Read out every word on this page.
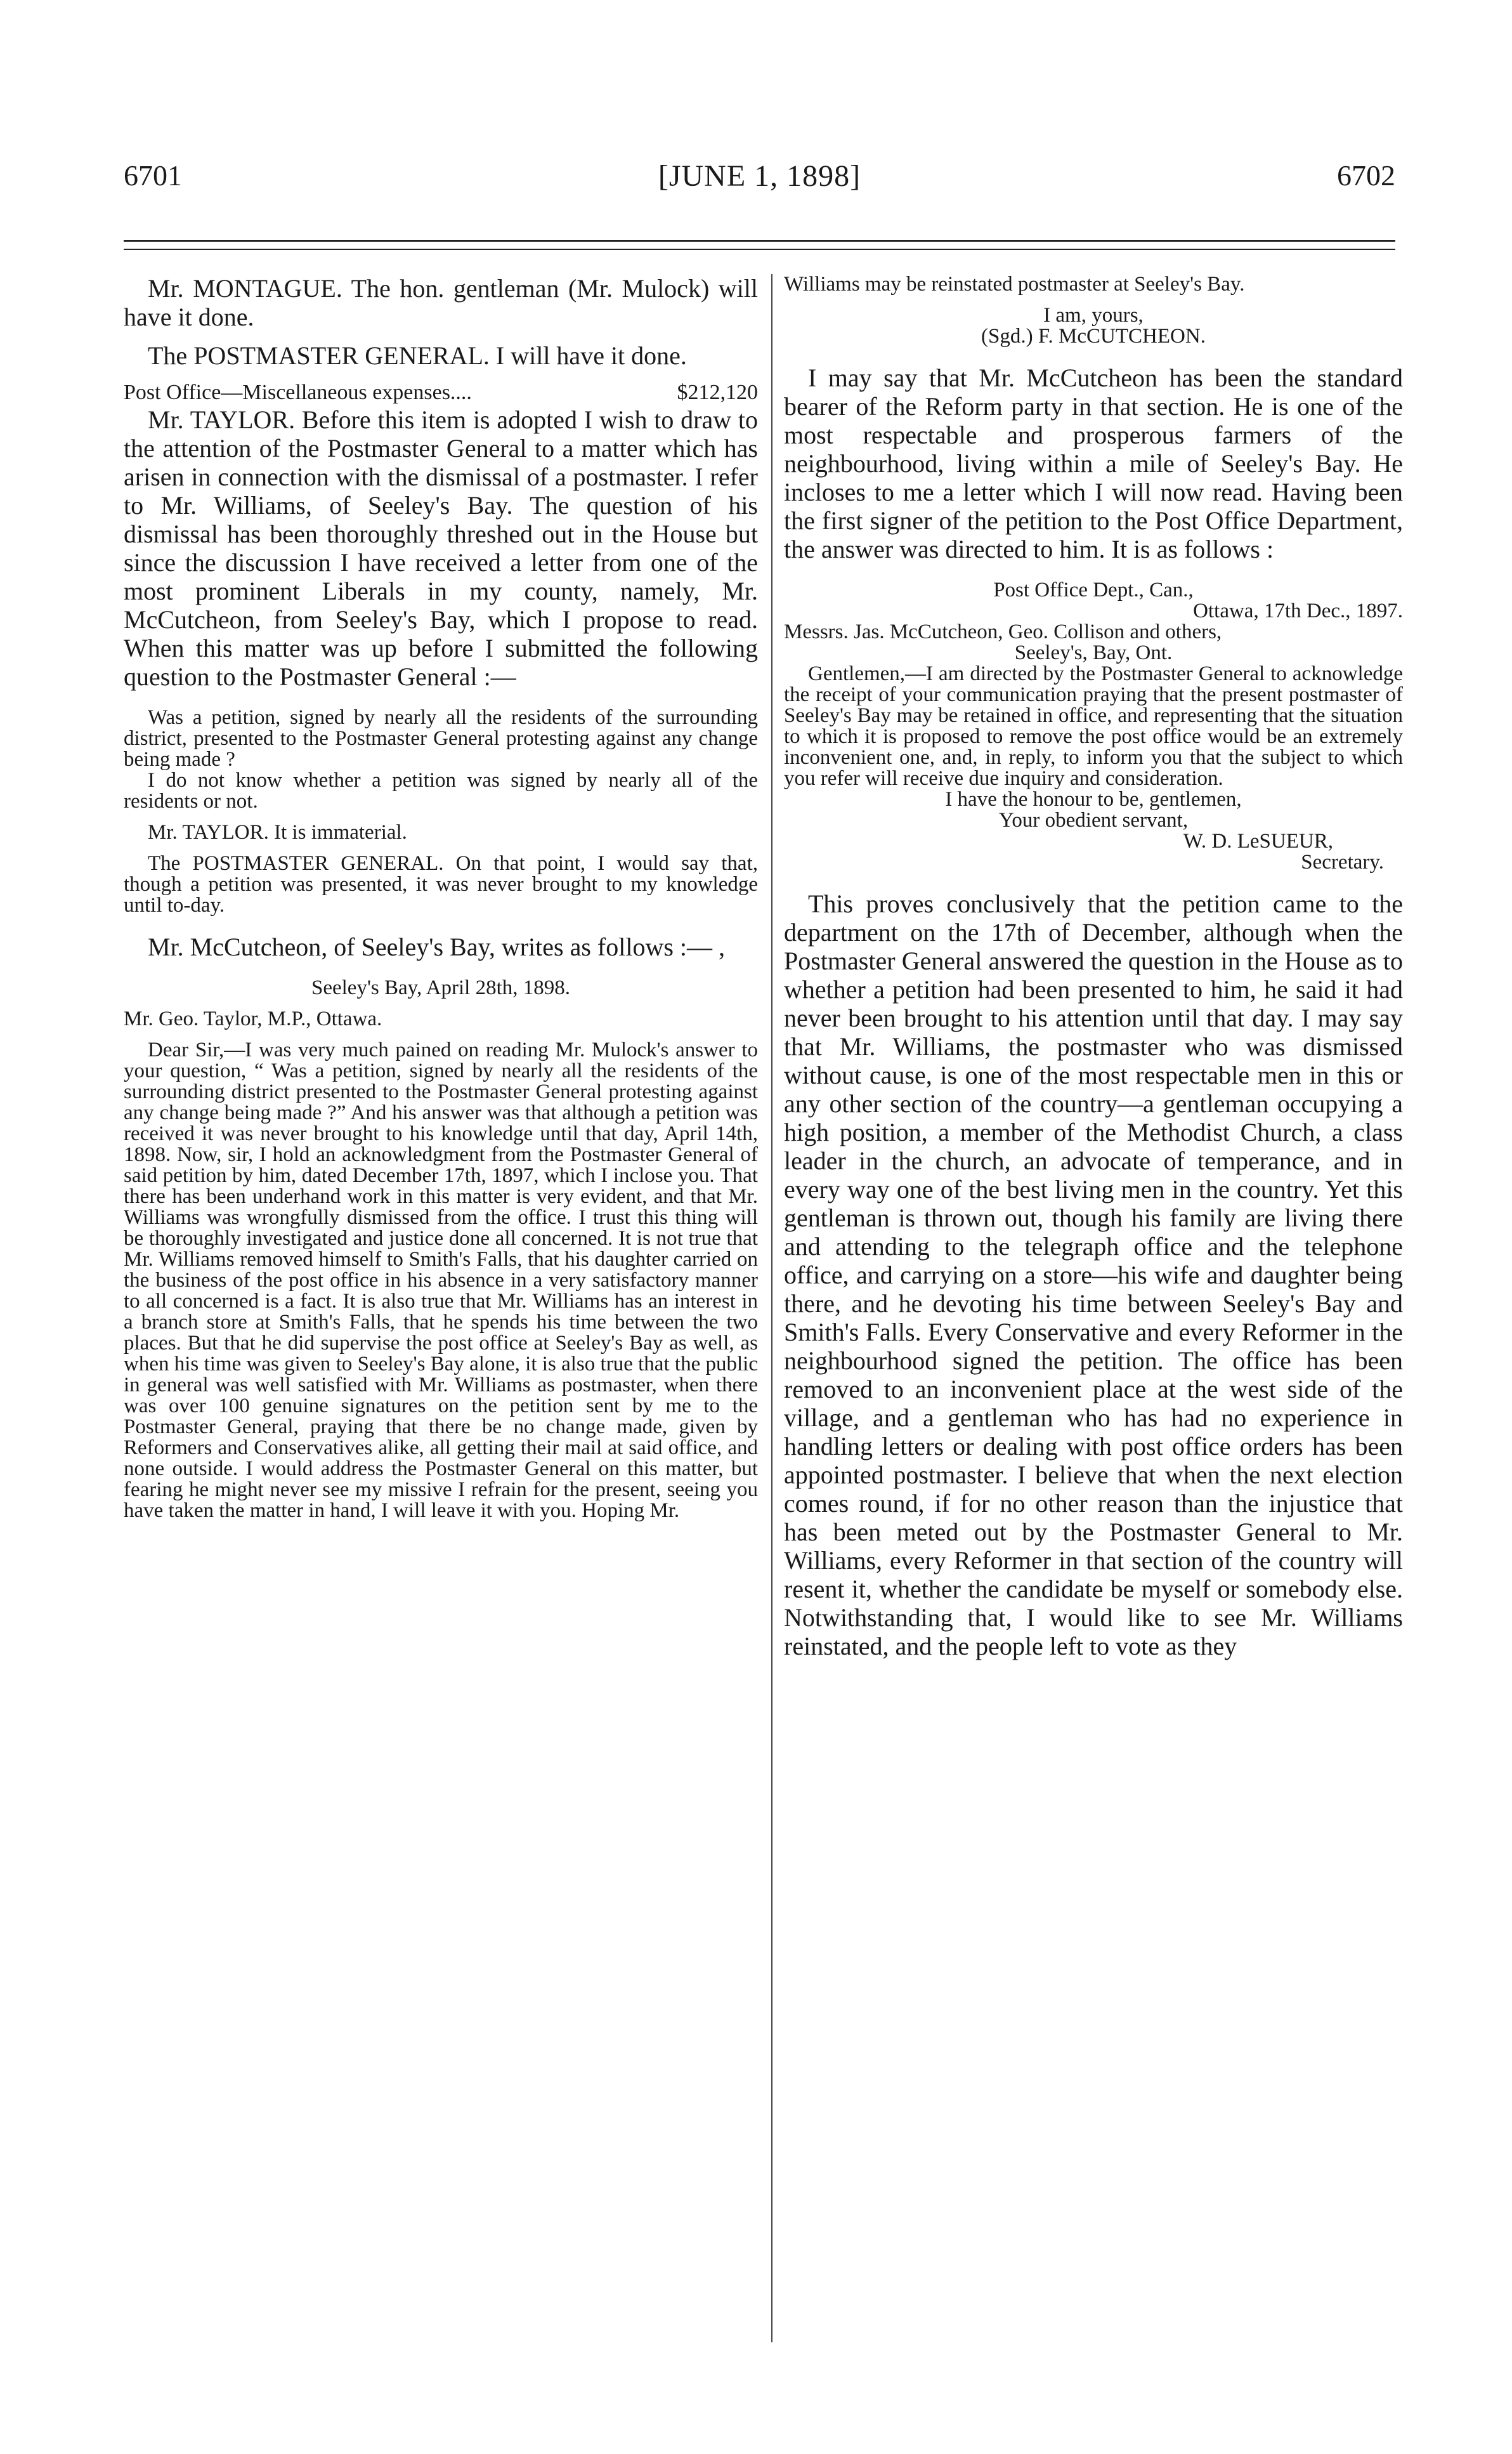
6701	[JUNE 1, 1898]	6702

Mr. MONTAGUE. The hon. gentleman (Mr. Mulock) will have it done.

The POSTMASTER GENERAL. I will have it done.

Post Office—Miscellaneous expenses....	$212,120

Mr. TAYLOR. Before this item is adopted I wish to draw to the attention of the Postmaster General to a matter which has arisen in connection with the dismissal of a postmaster. I refer to Mr. Williams, of Seeley's Bay. The question of his dismissal has been thoroughly threshed out in the House but since the discussion I have received a letter from one of the most prominent Liberals in my county, namely, Mr. McCutcheon, from Seeley's Bay, which I propose to read. When this matter was up before I submitted the following question to the Postmaster General :—

Was a petition, signed by nearly all the residents of the surrounding district, presented to the Postmaster General protesting against any change being made ?

I do not know whether a petition was signed by nearly all of the residents or not.

Mr. TAYLOR. It is immaterial.

The POSTMASTER GENERAL. On that point, I would say that, though a petition was presented, it was never brought to my knowledge until to-day.

Mr. McCutcheon, of Seeley's Bay, writes as follows :— ,

Seeley's Bay, April 28th, 1898.

Mr. Geo. Taylor, M.P., Ottawa.

Dear Sir,—I was very much pained on reading Mr. Mulock's answer to your question, “ Was a petition, signed by nearly all the residents of the surrounding district presented to the Postmaster General protesting against any change being made ?” And his answer was that although a petition was received it was never brought to his knowledge until that day, April 14th, 1898. Now, sir, I hold an acknowledgment from the Postmaster General of said petition by him, dated December 17th, 1897, which I inclose you. That there has been underhand work in this matter is very evident, and that Mr. Williams was wrongfully dismissed from the office. I trust this thing will be thoroughly investigated and justice done all concerned. It is not true that Mr. Williams removed himself to Smith's Falls, that his daughter carried on the business of the post office in his absence in a very satisfactory manner to all concerned is a fact. It is also true that Mr. Williams has an interest in a branch store at Smith's Falls, that he spends his time between the two places. But that he did supervise the post office at Seeley's Bay as well, as when his time was given to Seeley's Bay alone, it is also true that the public in general was well satisfied with Mr. Williams as postmaster, when there was over 100 genuine signatures on the petition sent by me to the Postmaster General, praying that there be no change made, given by Reformers and Conservatives alike, all getting their mail at said office, and none outside. I would address the Postmaster General on this matter, but fearing he might never see my missive I refrain for the present, seeing you have taken the matter in hand, I will leave it with you. Hoping Mr.

Williams may be reinstated postmaster at Seeley's Bay.

I am, yours,

(Sgd.) F. McCUTCHEON.

I may say that Mr. McCutcheon has been the standard bearer of the Reform party in that section. He is one of the most respectable and prosperous farmers of the neighbourhood, living within a mile of Seeley's Bay. He incloses to me a letter which I will now read. Having been the first signer of the petition to the Post Office Department, the answer was directed to him. It is as follows :

Post Office Dept., Can.,

Ottawa, 17th Dec., 1897.

Messrs. Jas. McCutcheon, Geo. Collison and others,

Seeley's, Bay, Ont.

Gentlemen,—I am directed by the Postmaster General to acknowledge the receipt of your communication praying that the present postmaster of Seeley's Bay may be retained in office, and representing that the situation to which it is proposed to remove the post office would be an extremely inconvenient one, and, in reply, to inform you that the subject to which you refer will receive due inquiry and consideration.

I have the honour to be, gentlemen,

Your obedient servant,

W. D. LeSUEUR,

Secretary.

This proves conclusively that the petition came to the department on the 17th of December, although when the Postmaster General answered the question in the House as to whether a petition had been presented to him, he said it had never been brought to his attention until that day. I may say that Mr. Williams, the postmaster who was dismissed without cause, is one of the most respectable men in this or any other section of the country—a gentleman occupying a high position, a member of the Methodist Church, a class leader in the church, an advocate of temperance, and in every way one of the best living men in the country. Yet this gentleman is thrown out, though his family are living there and attending to the telegraph office and the telephone office, and carrying on a store—his wife and daughter being there, and he devoting his time between Seeley's Bay and Smith's Falls. Every Conservative and every Reformer in the neighbourhood signed the petition. The office has been removed to an inconvenient place at the west side of the village, and a gentleman who has had no experience in handling letters or dealing with post office orders has been appointed postmaster. I believe that when the next election comes round, if for no other reason than the injustice that has been meted out by the Postmaster General to Mr. Williams, every Reformer in that section of the country will resent it, whether the candidate be myself or somebody else. Notwithstanding that, I would like to see Mr. Williams reinstated, and the people left to vote as they
